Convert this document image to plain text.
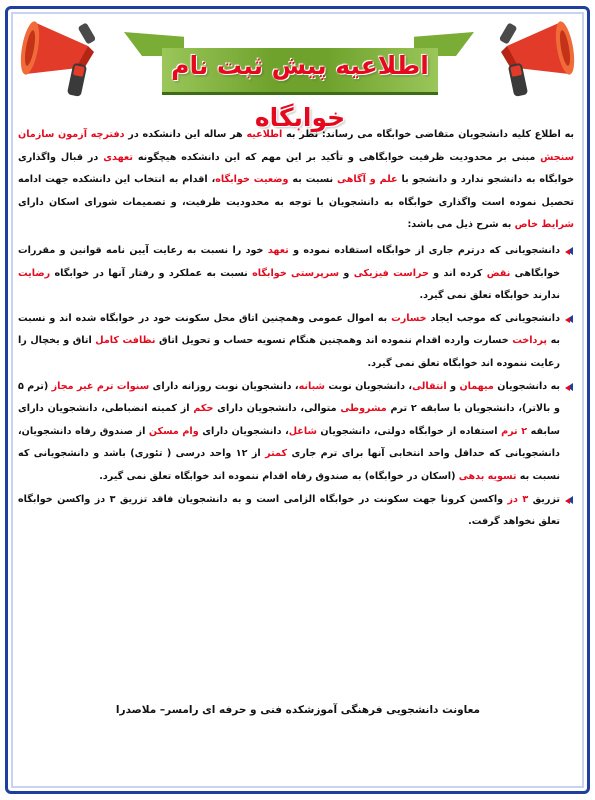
اطلاعیه پیش ثبت نام خوابگاه

به اطلاع کلیه دانشجویان متقاضی خوابگاه می رساند: نظر به اطلاعیه هر ساله این دانشکده در دفترچه آزمون سازمان سنجش مبنی بر محدودیت ظرفیت خوابگاهی و تأکید بر این مهم که این دانشکده هیچگونه تعهدی در قبال واگذاری خوابگاه به دانشجو ندارد و دانشجو با علم و آگاهی نسبت به وضعیت خوابگاه، اقدام به انتخاب این دانشکده جهت ادامه تحصیل نموده است واگذاری خوابگاه به دانشجویان با توجه به محدودیت ظرفیت، و تصمیمات شورای اسکان دارای شرایط خاص به شرح ذیل می باشد:

دانشجویانی که درترم جاری از خوابگاه استفاده نموده و تعهد خود را نسبت به رعایت آیین نامه قوانین و مقررات خوابگاهی نقض کرده اند و حراست فیزیکی و سرپرستی خوابگاه نسبت به عملکرد و رفتار آنها در خوابگاه رضایت ندارند خوابگاه تعلق نمی گیرد.
دانشجویانی که موجب ایجاد خسارت به اموال عمومی وهمچنین اتاق محل سکونت خود در خوابگاه شده اند و نسبت به پرداخت خسارت وارده اقدام ننموده اند وهمچنین هنگام تسویه حساب و تحویل اتاق نظافت کامل اتاق و یخچال را رعایت ننموده اند خوابگاه تعلق نمی گیرد.
به دانشجویان میهمان و انتقالی، دانشجویان نوبت شبانه، دانشجویان نوبت روزانه دارای سنوات ترم غیر مجاز (ترم ۵ و بالاتر)، دانشجویان با سابقه ۲ ترم مشروطی متوالی، دانشجویان دارای حکم از کمیته انضباطی، دانشجویان دارای سابقه ۲ ترم استفاده از خوابگاه دولتی، دانشجویان شاغل، دانشجویان دارای وام مسکن از صندوق رفاه دانشجویان، دانشجویانی که حداقل واحد انتخابی آنها برای ترم جاری کمتر از ۱۲ واحد درسی ( تئوری) باشد و دانشجویانی که نسبت به تسویه بدهی (اسکان در خوابگاه) به صندوق رفاه اقدام ننموده اند خوابگاه تعلق نمی گیرد.
تزریق ۳ دز واکسن کرونا جهت سکونت در خوابگاه الزامی است و به دانشجویان فاقد تزریق ۳ دز واکسن خوابگاه تعلق نخواهد گرفت.
معاونت دانشجویی فرهنگی آموزشکده فنی و حرفه ای رامسر– ملاصدرا
